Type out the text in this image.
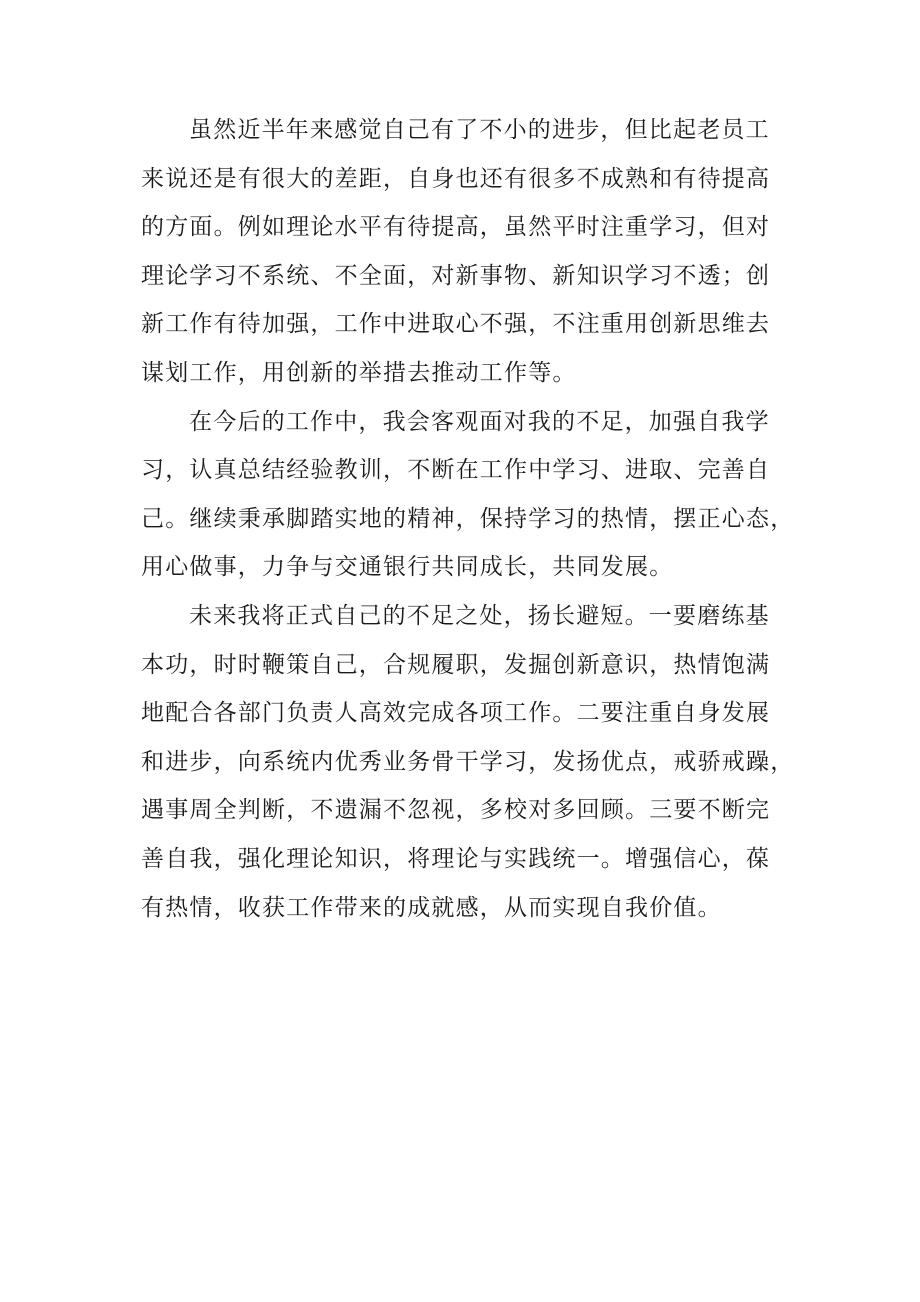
虽然近半年来感觉自己有了不小的进步，但比起老员工
来说还是有很大的差距，自身也还有很多不成熟和有待提高
的方面。例如理论水平有待提高，虽然平时注重学习，但对
理论学习不系统、不全面，对新事物、新知识学习不透；创
新工作有待加强，工作中进取心不强，不注重用创新思维去
谋划工作，用创新的举措去推动工作等。
在今后的工作中，我会客观面对我的不足，加强自我学
习，认真总结经验教训，不断在工作中学习、进取、完善自
己。继续秉承脚踏实地的精神，保持学习的热情，摆正心态，
用心做事，力争与交通银行共同成长，共同发展。
未来我将正式自己的不足之处，扬长避短。一要磨练基
本功，时时鞭策自己，合规履职，发掘创新意识，热情饱满
地配合各部门负责人高效完成各项工作。二要注重自身发展
和进步，向系统内优秀业务骨干学习，发扬优点，戒骄戒躁，
遇事周全判断，不遗漏不忽视，多校对多回顾。三要不断完
善自我，强化理论知识，将理论与实践统一。增强信心，葆
有热情，收获工作带来的成就感，从而实现自我价值。
